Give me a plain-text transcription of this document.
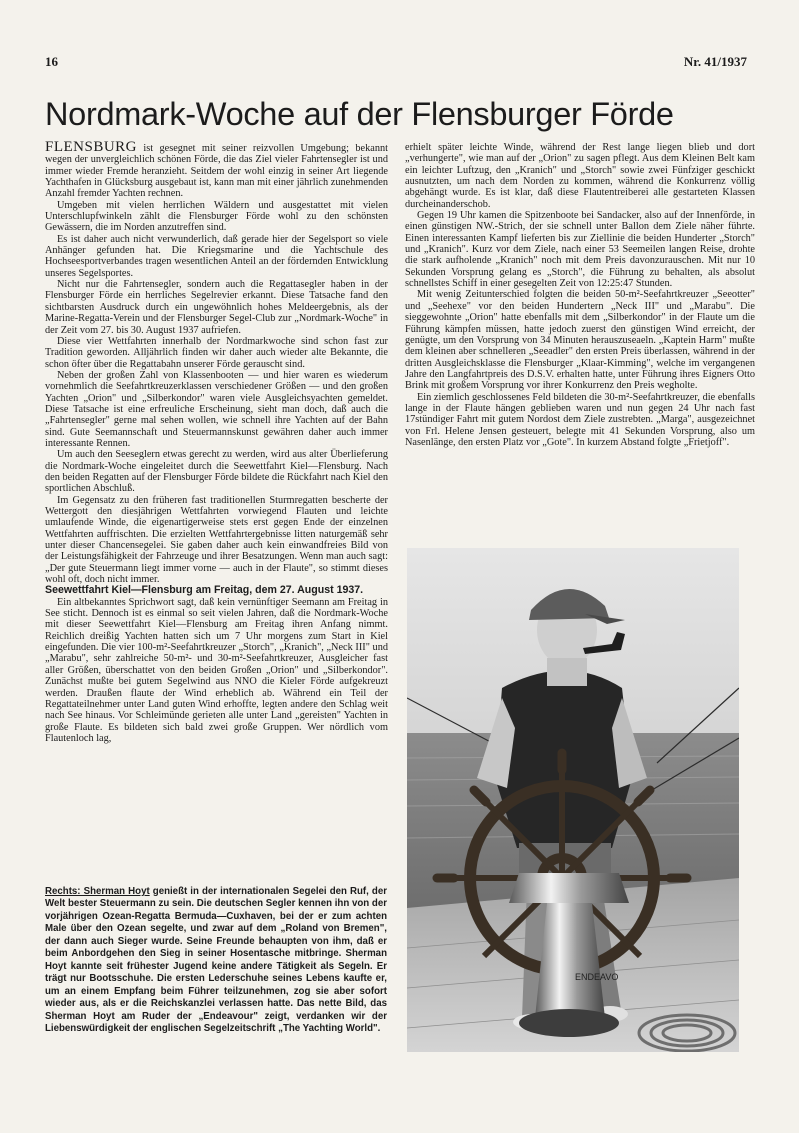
16	Nr. 41/1937
Nordmark-Woche auf der Flensburger Förde

FLENSBURG ist gesegnet mit seiner reizvollen Umgebung; bekannt wegen der unvergleichlich schönen Förde, die das Ziel vieler Fahrtensegler ist und immer wieder Fremde heranzieht. Seitdem der wohl einzig in seiner Art liegende Yachthafen in Glücksburg ausgebaut ist, kann man mit einer jährlich zunehmenden Anzahl fremder Yachten rechnen.

Umgeben mit vielen herrlichen Wäldern und ausgestattet mit vielen Unterschlupfwinkeln zählt die Flensburger Förde wohl zu den schönsten Gewässern, die im Norden anzutreffen sind.

Es ist daher auch nicht verwunderlich, daß gerade hier der Segelsport so viele Anhänger gefunden hat. Die Kriegsmarine und die Yachtschule des Hochseesportverbandes tragen wesentlichen Anteil an der fördernden Entwicklung unseres Segelsportes.

Nicht nur die Fahrtensegler, sondern auch die Regattasegler haben in der Flensburger Förde ein herrliches Segelrevier erkannt. Diese Tatsache fand den sichtbarsten Ausdruck durch ein ungewöhnlich hohes Meldeergebnis, als der Marine-Regatta-Verein und der Flensburger Segel-Club zur „Nordmark-Woche" in der Zeit vom 27. bis 30. August 1937 aufriefen.

Diese vier Wettfahrten innerhalb der Nordmarkwoche sind schon fast zur Tradition geworden. Alljährlich finden wir daher auch wieder alte Bekannte, die schon öfter über die Regattabahn unserer Förde gerauscht sind.

Neben der großen Zahl von Klassenbooten — und hier waren es wiederum vornehmlich die Seefahrtkreuzerklassen verschiedener Größen — und den großen Yachten „Orion" und „Silberkondor" waren viele Ausgleichsyachten gemeldet. Diese Tatsache ist eine erfreuliche Erscheinung, sieht man doch, daß auch die „Fahrtensegler" gerne mal sehen wollen, wie schnell ihre Yachten auf der Bahn sind. Gute Seemannschaft und Steuermannskunst gewähren daher auch immer interessante Rennen.

Um auch den Seeseglern etwas gerecht zu werden, wird aus alter Überlieferung die Nordmark-Woche eingeleitet durch die Seewettfahrt Kiel—Flensburg. Nach den beiden Regatten auf der Flensburger Förde bildete die Rückfahrt nach Kiel den sportlichen Abschluß.

Im Gegensatz zu den früheren fast traditionellen Sturmregatten bescherte der Wettergott den diesjährigen Wettfahrten vorwiegend Flauten und leichte umlaufende Winde, die eigenartigerweise stets erst gegen Ende der einzelnen Wettfahrten auffrischten. Die erzielten Wettfahrtergebnisse litten naturgemäß sehr unter dieser Chancensegelei. Sie gaben daher auch kein einwandfreies Bild von der Leistungsfähigkeit der Fahrzeuge und ihrer Besatzungen. Wenn man auch sagt: „Der gute Steuermann liegt immer vorne — auch in der Flaute", so stimmt dieses wohl oft, doch nicht immer.

Seewettfahrt Kiel—Flensburg am Freitag, dem 27. August 1937.

Ein altbekanntes Sprichwort sagt, daß kein vernünftiger Seemann am Freitag in See sticht. Dennoch ist es einmal so seit vielen Jahren, daß die Nordmark-Woche mit dieser Seewettfahrt Kiel—Flensburg am Freitag ihren Anfang nimmt. Reichlich dreißig Yachten hatten sich um 7 Uhr morgens zum Start in Kiel eingefunden. Die vier 100-m²-Seefahrtkreuzer „Storch", „Kranich", „Neck III" und „Marabu", sehr zahlreiche 50-m²- und 30-m²-Seefahrtkreuzer, Ausgleicher fast aller Größen, überschattet von den beiden Großen „Orion" und „Silberkondor". Zunächst mußte bei gutem Segelwind aus NNO die Kieler Förde aufgekreuzt werden. Draußen flaute der Wind erheblich ab. Während ein Teil der Regattateilnehmer unter Land guten Wind erhoffte, legten andere den Schlag weit nach See hinaus. Vor Schleimünde gerieten alle unter Land „gereisten" Yachten in große Flaute. Es bildeten sich bald zwei große Gruppen. Wer nördlich vom Flautenloch lag,

erhielt später leichte Winde, während der Rest lange liegen blieb und dort „verhungerte", wie man auf der „Orion" zu sagen pflegt. Aus dem Kleinen Belt kam ein leichter Luftzug, den „Kranich" und „Storch" sowie zwei Fünfziger geschickt ausnutzten, um nach dem Norden zu kommen, während die Konkurrenz völlig abgehängt wurde. Es ist klar, daß diese Flautentreiberei alle gestarteten Klassen durcheinanderschob.

Gegen 19 Uhr kamen die Spitzenboote bei Sandacker, also auf der Innenförde, in einen günstigen NW.-Strich, der sie schnell unter Ballon dem Ziele näher führte. Einen interessanten Kampf lieferten bis zur Ziellinie die beiden Hunderter „Storch" und „Kranich". Kurz vor dem Ziele, nach einer 53 Seemeilen langen Reise, drohte die stark aufholende „Kranich" noch mit dem Preis davonzurauschen. Mit nur 10 Sekunden Vorsprung gelang es „Storch", die Führung zu behalten, als absolut schnellstes Schiff in einer gesegelten Zeit von 12:25:47 Stunden.

Mit wenig Zeitunterschied folgten die beiden 50-m²-Seefahrtkreuzer „Seeotter" und „Seehexe" vor den beiden Hundertern „Neck III" und „Marabu". Die sieggewohnte „Orion" hatte ebenfalls mit dem „Silberkondor" in der Flaute um die Führung kämpfen müssen, hatte jedoch zuerst den günstigen Wind erreicht, der genügte, um den Vorsprung von 34 Minuten herauszuseaeln. „Kaptein Harm" mußte dem kleinen aber schnelleren „Seeadler" den ersten Preis überlassen, während in der dritten Ausgleichsklasse die Flensburger „Klaar-Kimming", welche im vergangenen Jahre den Langfahrtpreis des D.S.V. erhalten hatte, unter Führung ihres Eigners Otto Brink mit großem Vorsprung vor ihrer Konkurrenz den Preis wegholte.

Ein ziemlich geschlossenes Feld bildeten die 30-m²-Seefahrtkreuzer, die ebenfalls lange in der Flaute hängen geblieben waren und nun gegen 24 Uhr nach fast 17stündiger Fahrt mit gutem Nordost dem Ziele zustrebten. „Marga", ausgezeichnet von Frl. Helene Jensen gesteuert, belegte mit 41 Sekunden Vorsprung, also um Nasenlänge, den ersten Platz vor „Gote". In kurzem Abstand folgte „Frietjoff".

Rechts: Sherman Hoyt genießt in der internationalen Segelei den Ruf, der Welt bester Steuermann zu sein. Die deutschen Segler kennen ihn von der vorjährigen Ozean-Regatta Bermuda—Cuxhaven, bei der er zum achten Male über den Ozean segelte, und zwar auf dem „Roland von Bremen", der dann auch Sieger wurde. Seine Freunde behaupten von ihm, daß er beim Anbordgehen den Sieg in seiner Hosentasche mitbringe. Sherman Hoyt kannte seit frühester Jugend keine andere Tätigkeit als Segeln. Er trägt nur Bootsschuhe. Die ersten Lederschuhe seines Lebens kaufte er, um an einem Empfang beim Führer teilzunehmen, zog sie aber sofort wieder aus, als er die Reichskanzlei verlassen hatte. Das nette Bild, das Sherman Hoyt am Ruder der „Endeavour" zeigt, verdanken wir der Liebenswürdigkeit der englischen Segelzeitschrift „The Yachting World".
ENDEAVO
